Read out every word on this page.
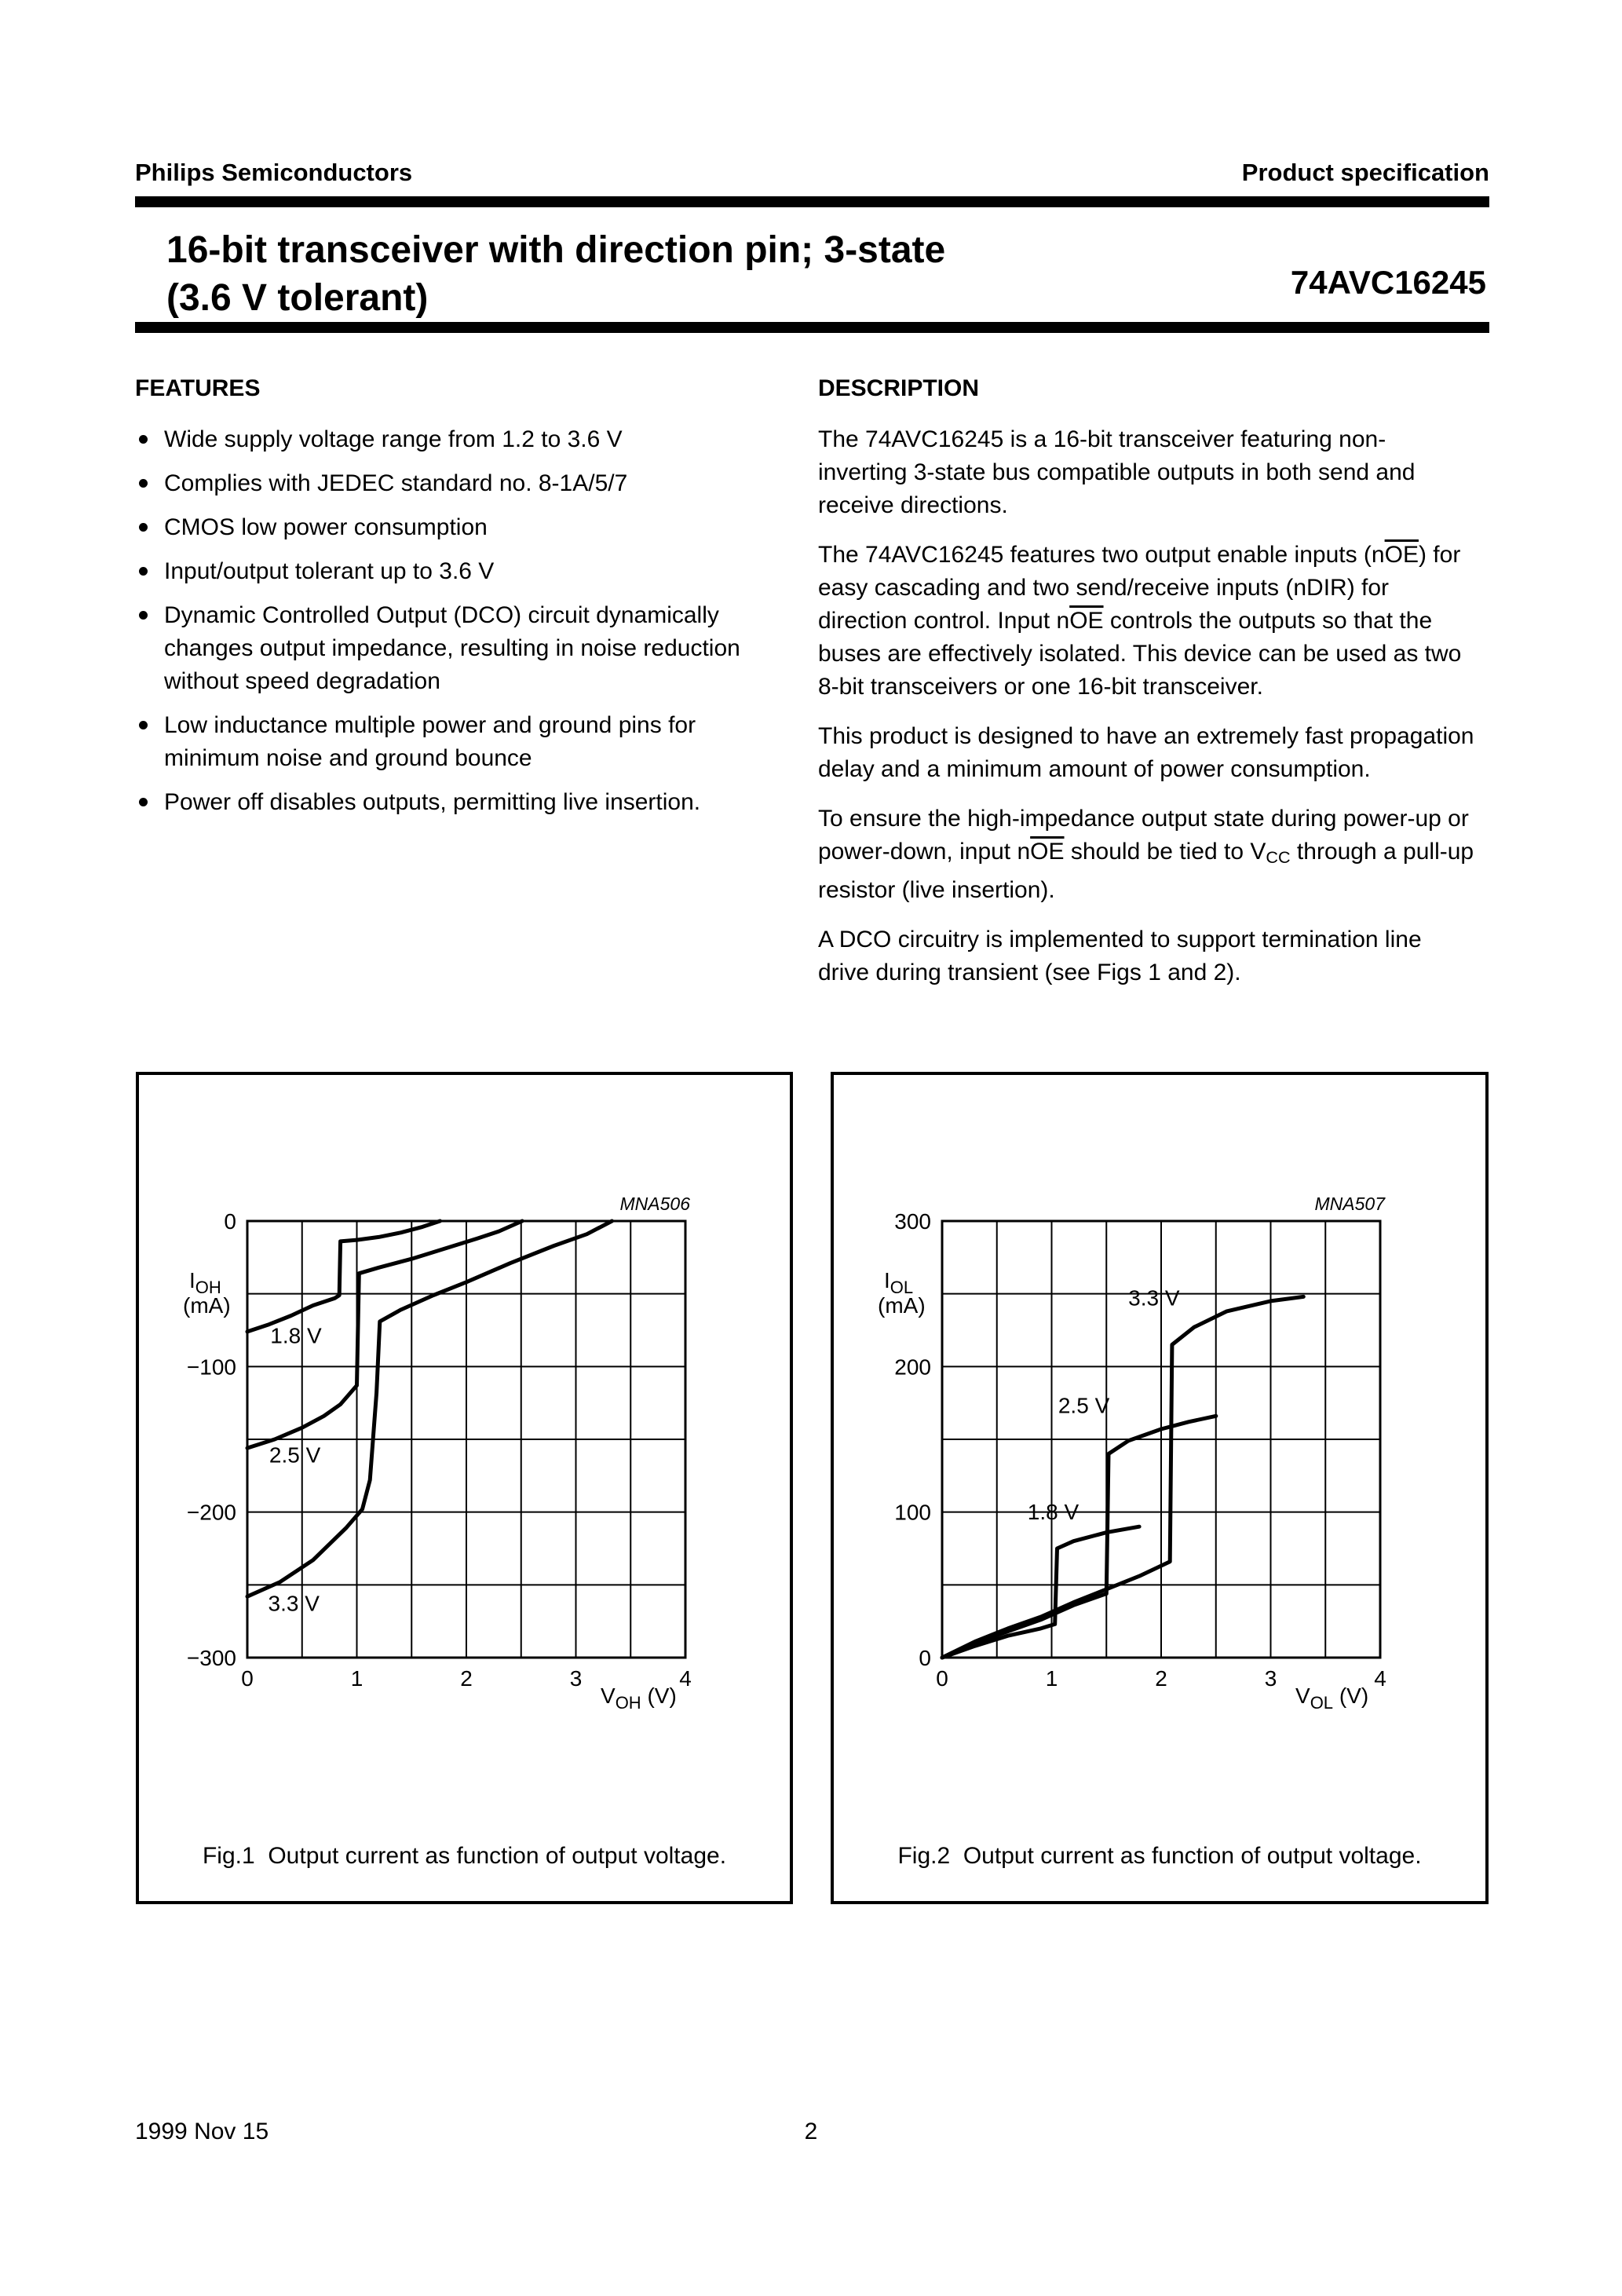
Philips Semiconductors	Product specification
16-bit transceiver with direction pin; 3-state
(3.6 V tolerant)	74AVC16245
FEATURES
Wide supply voltage range from 1.2 to 3.6 V
Complies with JEDEC standard no. 8-1A/5/7
CMOS low power consumption
Input/output tolerant up to 3.6 V
Dynamic Controlled Output (DCO) circuit dynamically changes output impedance, resulting in noise reduction without speed degradation
Low inductance multiple power and ground pins for minimum noise and ground bounce
Power off disables outputs, permitting live insertion.
DESCRIPTION

The 74AVC16245 is a 16-bit transceiver featuring non-inverting 3-state bus compatible outputs in both send and receive directions.

The 74AVC16245 features two output enable inputs $(n\overline{OE})$ for easy cascading and two send/receive inputs (nDIR) for direction control. Input $n\overline{OE}$ controls the outputs so that the buses are effectively isolated. This device can be used as two 8-bit transceivers or one 16-bit transceiver.

This product is designed to have an extremely fast propagation delay and a minimum amount of power consumption.

To ensure the high-impedance output state during power-up or power-down, input $n\overline{OE}$ should be tied to $V_{CC}$ through a pull-up resistor (live insertion).

A DCO circuitry is implemented to support termination line drive during transient (see Figs 1 and 2).

0
−100
−200
−300
0	1	2	3	4
$I_{OH}$
(mA)
$V_{OH}$ (V)
MNA506
1.8 V
2.5 V
3.3 V
Fig.1  Output current as function of output voltage.
0
100
200
300
0	1	2	3	4
$I_{OL}$
(mA)
$V_{OL}$ (V)
MNA507
1.8 V
2.5 V
3.3 V
Fig.2  Output current as function of output voltage.
2
1999 Nov 15
